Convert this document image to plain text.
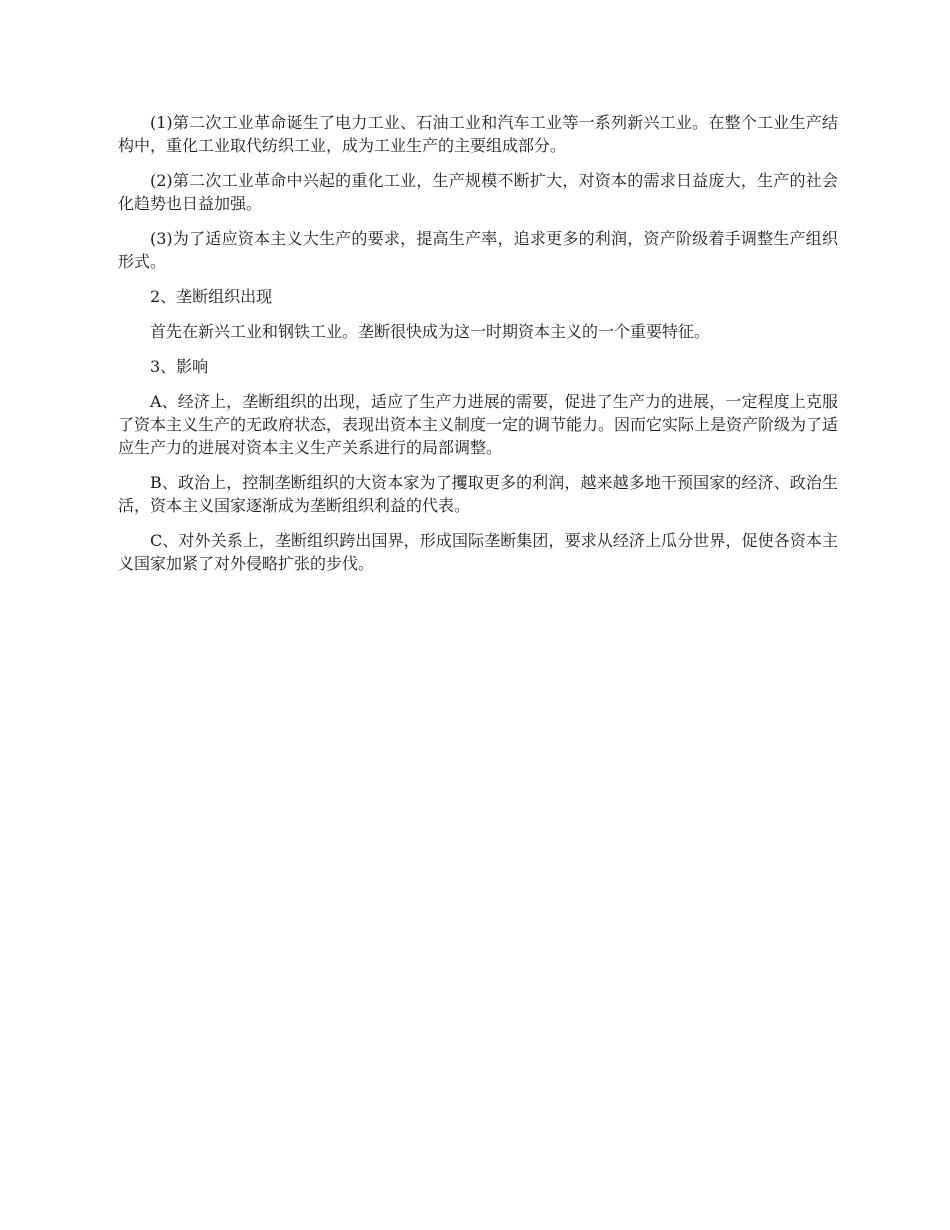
(1)第二次工业革命诞生了电力工业、石油工业和汽车工业等一系列新兴工业。在整个工业生产结构中，重化工业取代纺织工业，成为工业生产的主要组成部分。

(2)第二次工业革命中兴起的重化工业，生产规模不断扩大，对资本的需求日益庞大，生产的社会化趋势也日益加强。

(3)为了适应资本主义大生产的要求，提高生产率，追求更多的利润，资产阶级着手调整生产组织形式。

2、垄断组织出现

首先在新兴工业和钢铁工业。垄断很快成为这一时期资本主义的一个重要特征。

3、影响

A、经济上，垄断组织的出现，适应了生产力进展的需要，促进了生产力的进展，一定程度上克服了资本主义生产的无政府状态，表现出资本主义制度一定的调节能力。因而它实际上是资产阶级为了适应生产力的进展对资本主义生产关系进行的局部调整。

B、政治上，控制垄断组织的大资本家为了攫取更多的利润，越来越多地干预国家的经济、政治生活，资本主义国家逐渐成为垄断组织利益的代表。

C、对外关系上，垄断组织跨出国界，形成国际垄断集团，要求从经济上瓜分世界，促使各资本主义国家加紧了对外侵略扩张的步伐。
